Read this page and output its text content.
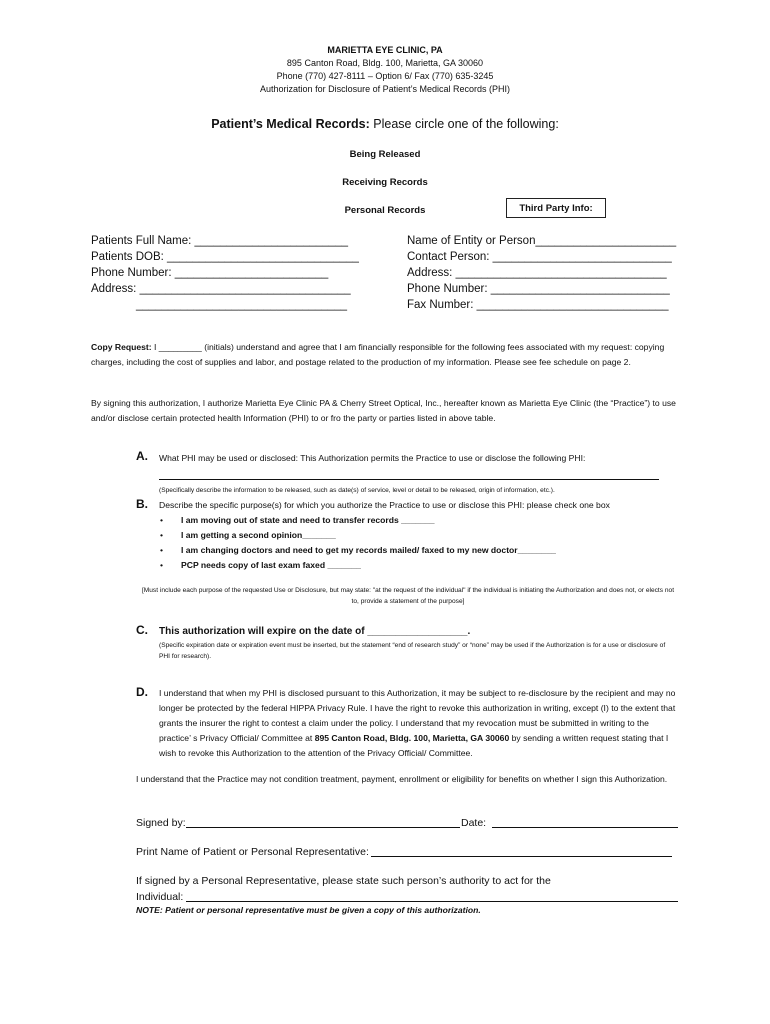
MARIETTA EYE CLINIC, PA
895 Canton Road, Bldg. 100, Marietta, GA 30060
Phone (770) 427-8111 – Option 6/ Fax (770) 635-3245
Authorization for Disclosure of Patient’s Medical Records (PHI)
Patient’s Medical Records: Please circle one of the following:
Being Released
Receiving Records
Personal Records	Third Party Info:
Patients Full Name: ________________________
Patients DOB: ______________________________
Phone Number: ________________________
Address: _________________________________
_________________________________
Name of Entity or Person______________________
Contact Person: ____________________________
Address: _________________________________
Phone Number: ____________________________
Fax Number: ______________________________
Copy Request: I _________ (initials) understand and agree that I am financially responsible for the following fees associated with my request: copying charges, including the cost of supplies and labor, and postage related to the production of my information. Please see fee schedule on page 2.
By signing this authorization, I authorize Marietta Eye Clinic PA & Cherry Street Optical, Inc., hereafter known as Marietta Eye Clinic (the “Practice”) to use and/or disclose certain protected health Information (PHI) to or fro the party or parties listed in above table.
A. What PHI may be used or disclosed: This Authorization permits the Practice to use or disclose the following PHI:
(Specifically describe the information to be released, such as date(s) of service, level or detail to be released, origin of information, etc.).
B. Describe the specific purpose(s) for which you authorize the Practice to use or disclose this PHI: please check one box
• I am moving out of state and need to transfer records _______
• I am getting a second opinion_______
• I am changing doctors and need to get my records mailed/ faxed to my new doctor________
• PCP needs copy of last exam faxed _______
[Must include each purpose of the requested Use or Disclosure, but may state: "at the request of the individual" if the individual is initiating the Authorization and does not, or elects not to, provide a statement of the purpose]
C. This authorization will expire on the date of __________________.
(Specific expiration date or expiration event must be inserted, but the statement “end of research study” or “none” may be used if the Authorization is for a use or disclosure of PHI for research).
D. I understand that when my PHI is disclosed pursuant to this Authorization, it may be subject to re-disclosure by the recipient and may no longer be protected by the federal HIPPA Privacy Rule. I have the right to revoke this authorization in writing, except (I) to the extent that grants the insurer the right to contest a claim under the policy. I understand that my revocation must be submitted in writing to the practice’ s Privacy Official/ Committee at 895 Canton Road, Bldg. 100, Marietta, GA 30060 by sending a written request stating that I wish to revoke this Authorization to the attention of the Privacy Official/ Committee.
I understand that the Practice may not condition treatment, payment, enrollment or eligibility for benefits on whether I sign this Authorization.
Signed by:	Date:
Print Name of Patient or Personal Representative:
If signed by a Personal Representative, please state such person’s authority to act for the
Individual:
NOTE: Patient or personal representative must be given a copy of this authorization.
